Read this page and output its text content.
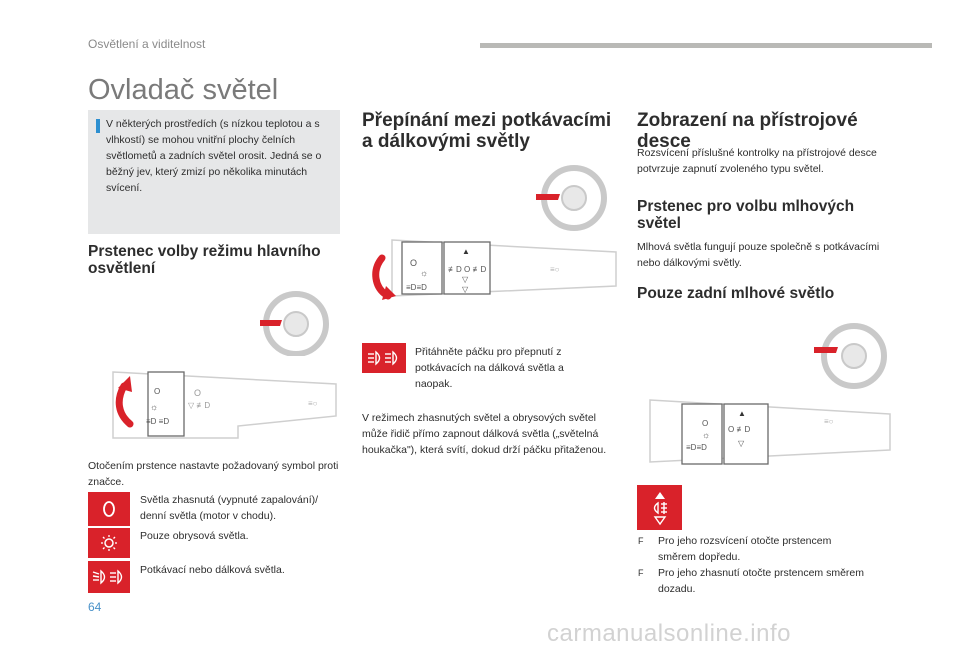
Osvětlení a viditelnost
Ovladač světel
V některých prostředích (s nízkou teplotou a s vlhkostí) se mohou vnitřní plochy čelních světlometů a zadních světel orosit. Jedná se o běžný jev, který zmizí po několika minutách svícení.
Prstenec volby režimu hlavního osvětlení
O
☼
≡D ≡D
O
▽ ≢D	≡○

Otočením prstence nastavte požadovaný symbol proti značce.

Světla zhasnutá (vypnuté zapalování)/ denní světla (motor v chodu).

Pouze obrysová světla.

Potkávací nebo dálková světla.

Přepínání mezi potkávacími a dálkovými světly
O
☼
≡D≡D
▲
≢D O ≢D
▽
▽
≡○

Přitáhněte páčku pro přepnutí z potkávacích na dálková světla a naopak.

V režimech zhasnutých světel a obrysových světel může řidič přímo zapnout dálková světla („světelná houkačka"), která svítí, dokud drží páčku přitaženou.

Zobrazení na přístrojové desce

Rozsvícení příslušné kontrolky na přístrojové desce potvrzuje zapnutí zvoleného typu světel.

Prstenec pro volbu mlhových světel

Mlhová světla fungují pouze společně s potkávacími nebo dálkovými světly.

Pouze zadní mlhové světlo
O
☼
≡D≡D
▲
O ≢D
▽
≡○
F	Pro jeho rozsvícení otočte prstencem směrem dopředu.
F	Pro jeho zhasnutí otočte prstencem směrem dozadu.
64
carmanualsonline.info
